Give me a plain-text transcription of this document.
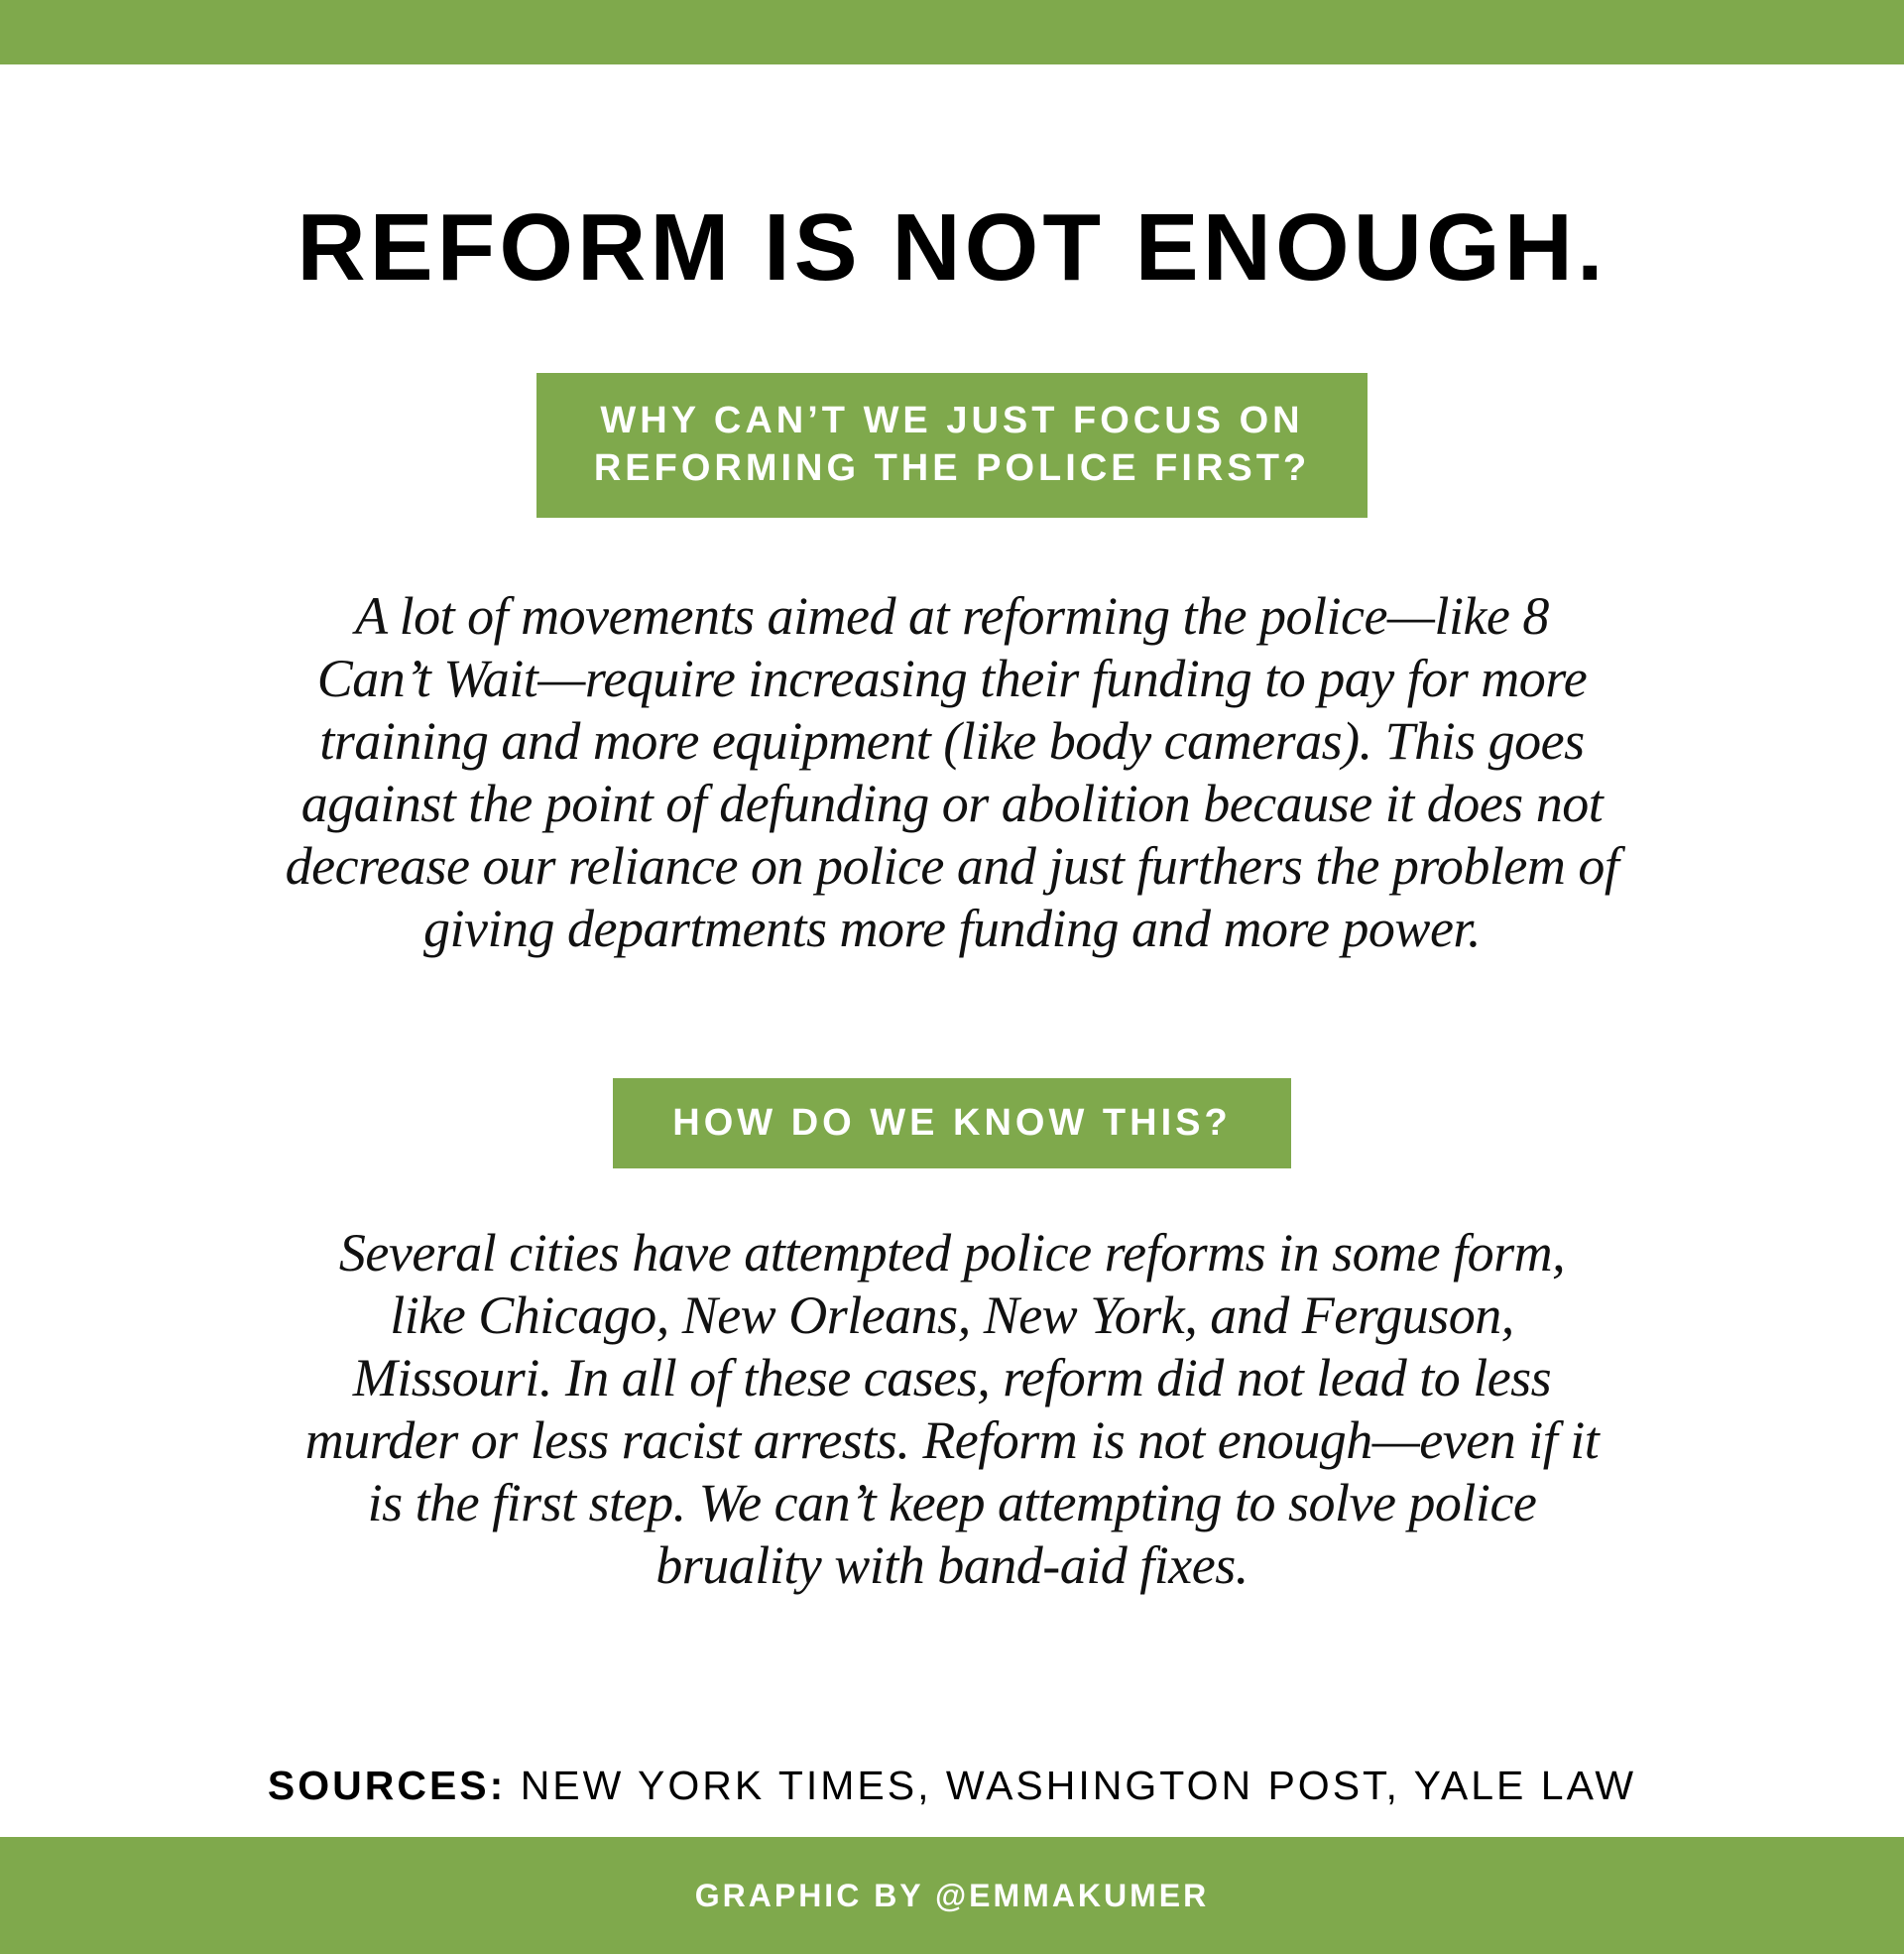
REFORM IS NOT ENOUGH.
WHY CAN’T WE JUST FOCUS ON
REFORMING THE POLICE FIRST?
A lot of movements aimed at reforming the police—like 8
Can’t Wait—require increasing their funding to pay for more
training and more equipment (like body cameras). This goes
against the point of defunding or abolition because it does not
decrease our reliance on police and just furthers the problem of
giving departments more funding and more power.
HOW DO WE KNOW THIS?
Several cities have attempted police reforms in some form,
like Chicago, New Orleans, New York, and Ferguson,
Missouri. In all of these cases, reform did not lead to less
murder or less racist arrests. Reform is not enough—even if it
is the first step. We can’t keep attempting to solve police
bruality with band-aid fixes.
SOURCES: NEW YORK TIMES, WASHINGTON POST, YALE LAW
GRAPHIC BY @EMMAKUMER
